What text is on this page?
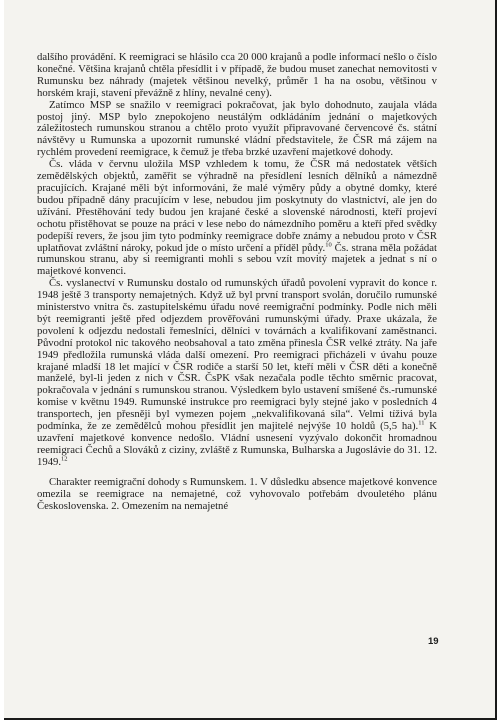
dalšího provádění. K reemigraci se hlásilo cca 20 000 krajanů a podle informací nešlo o číslo konečné. Většina krajanů chtěla přesídlit i v případě, že budou muset zanechat nemovitosti v Rumunsku bez náhrady (majetek většinou nevelký, průměr 1 ha na osobu, většinou v horském kraji, stavení převážně z hlíny, nevalné ceny).

Zatímco MSP se snažilo v reemigraci pokračovat, jak bylo dohodnuto, zaujala vláda postoj jiný. MSP bylo znepokojeno neustálým odkládáním jednání o majetkových záležitostech rumunskou stranou a chtělo proto využít připravované červencové čs. státní návštěvy u Rumunska a upozornit rumunské vládní představitele, že ČSR má zájem na rychlém provedení reemigrace, k čemuž je třeba brzké uzavření majetkové dohody.

Čs. vláda v červnu uložila MSP vzhledem k tomu, že ČSR má nedostatek větších zemědělských objektů, zaměřit se výhradně na přesídlení lesních dělníků a námezdně pracujících. Krajané měli být informováni, že malé výměry půdy a obytné domky, které budou případně dány pracujícím v lese, nebudou jim poskytnuty do vlastnictví, ale jen do užívání. Přestěhování tedy budou jen krajané české a slovenské národnosti, kteří projeví ochotu přistěhovat se pouze na práci v lese nebo do námezdního poměru a kteří před svědky podepíší revers, že jsou jim tyto podmínky reemigrace dobře známy a nebudou proto v ČSR uplatňovat zvláštní nároky, pokud jde o místo určení a příděl půdy.$^{10}$ Čs. strana měla požádat rumunskou stranu, aby si reemigranti mohli s sebou vzít movitý majetek a jednat s ní o majetkové konvenci.

Čs. vyslanectví v Rumunsku dostalo od rumunských úřadů povolení vypravit do konce r. 1948 ještě 3 transporty nemajetných. Když už byl první transport svolán, doručilo rumunské ministerstvo vnitra čs. zastupitelskému úřadu nové reemigrační podmínky. Podle nich měli být reemigranti ještě před odjezdem prověřováni rumunskými úřady. Praxe ukázala, že povolení k odjezdu nedostali řemeslníci, dělníci v továrnách a kvalifikovaní zaměstnanci. Původní protokol nic takového neobsahoval a tato změna přinesla ČSR velké ztráty. Na jaře 1949 předložila rumunská vláda další omezení. Pro reemigraci přicházeli v úvahu pouze krajané mladší 18 let mající v ČSR rodiče a starší 50 let, kteří měli v ČSR děti a konečně manželé, byl-li jeden z nich v ČSR. ČsPK však nezačala podle těchto směrnic pracovat, pokračovala v jednání s rumunskou stranou. Výsledkem bylo ustavení smíšené čs.-rumunské komise v květnu 1949. Rumunské instrukce pro reemigraci byly stejné jako v posledních 4 transportech, jen přesněji byl vymezen pojem „nekvalifikovaná síla“. Velmi tíživá byla podmínka, že ze zemědělců mohou přesídlit jen majitelé nejvýše 10 holdů (5,5 ha).$^{11}$ K uzavření majetkové konvence nedošlo. Vládní usnesení vyzývalo dokončit hromadnou reemigraci Čechů a Slováků z ciziny, zvláště z Rumunska, Bulharska a Jugoslávie do 31. 12. 1949.12

Charakter reemigrační dohody s Rumunskem. 1. V důsledku absence majetkové konvence omezila se reemigrace na nemajetné, což vyhovovalo potřebám dvouletého plánu Československa. 2. Omezením na nemajetné

19
